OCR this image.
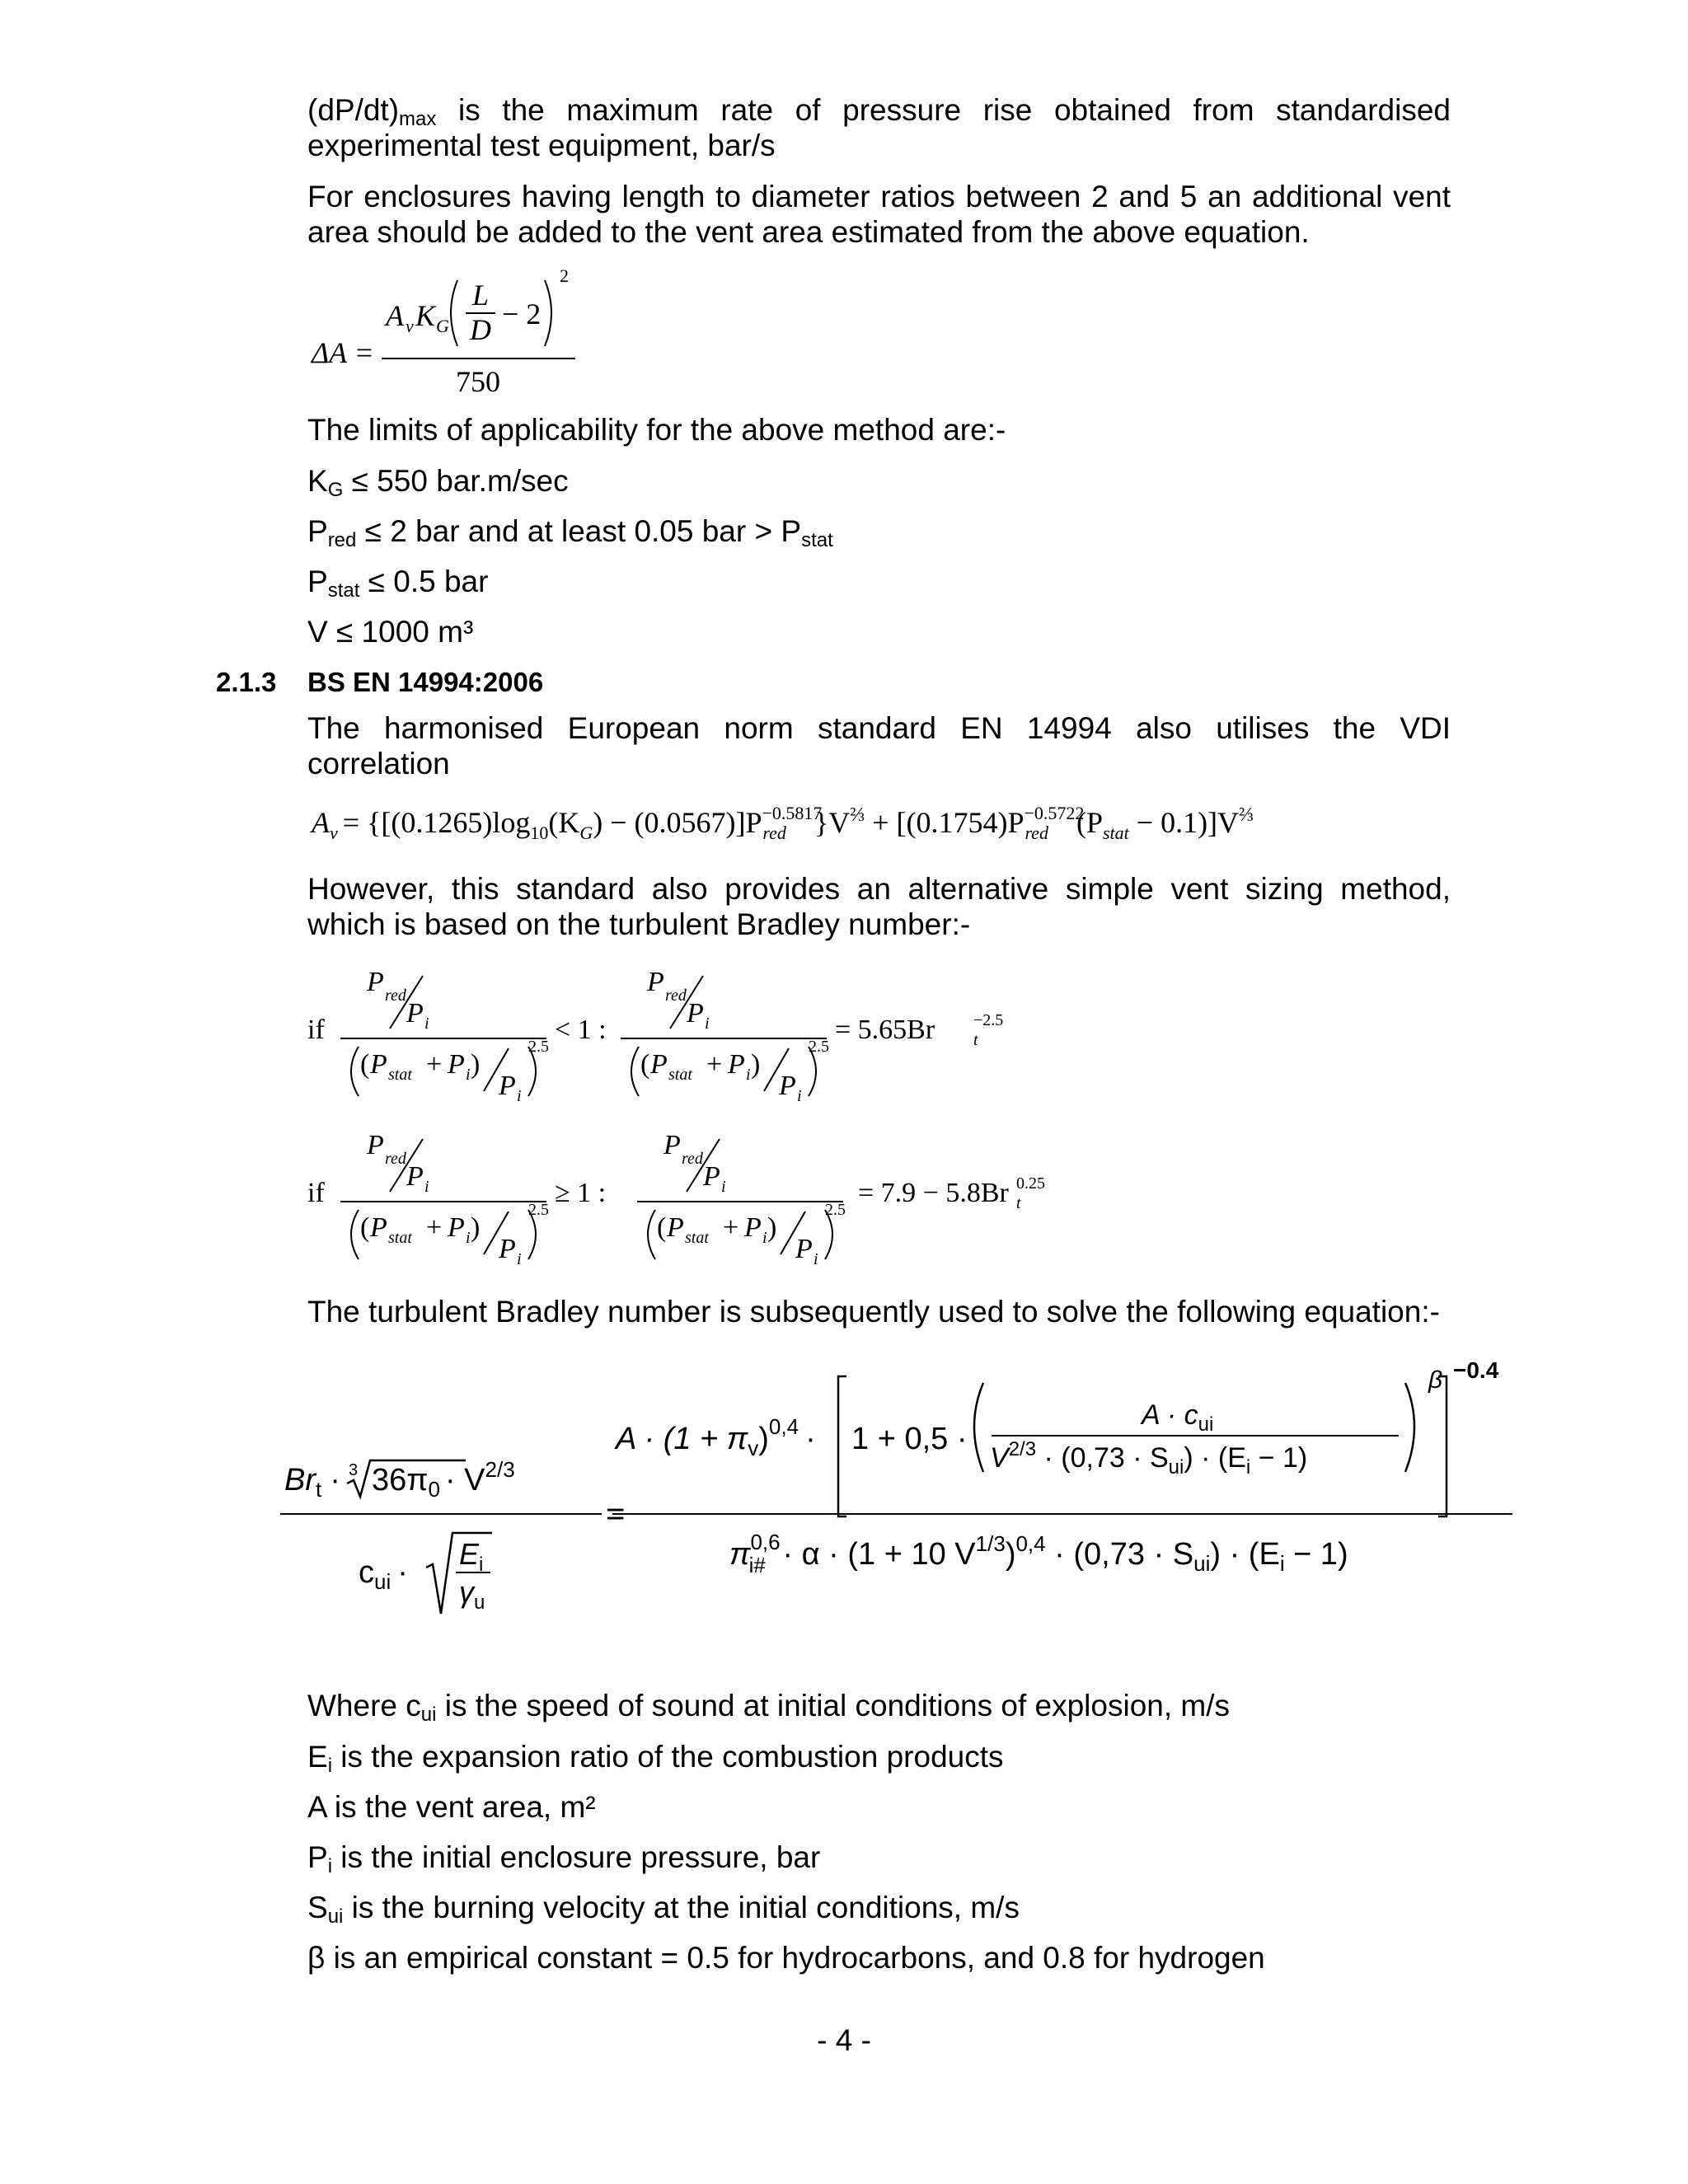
$(dP/dt)_{max}$ is the maximum rate of pressure rise obtained from standardised
experimental test equipment, bar/s
For enclosures having length to diameter ratios between 2 and 5 an additional vent
area should be added to the vent area estimated from the above equation.
ΔA =
A v K G
L
D − 2
2
750
The limits of applicability for the above method are:-
$K_G \le 550$ bar.m/sec
$P_{red} \le 2$ bar and at least 0.05 bar > $P_{stat}$
$P_{stat} \le 0.5$ bar
V ≤ 1000 m³
2.1.3 BS EN 14994:2006
The harmonised European norm standard EN 14994 also utilises the VDI
correlation
$A_v = \{[(0.1265)\log_{10}(K_G) - (0.0567)]P^{-0.5817}$ red }$V^{\frac{2}{3}} + [(0.1754)P^{-0.5722}$ red $(P_{stat} - 0.1)]V^{\frac{2}{3}}$
However, this standard also provides an alternative simple vent sizing method,
which is based on the turbulent Bradley number:-
if
P red
P i
( P stat + P i )
P i
2.5
< 1 :
P red
P i
( P stat + P i )
P i
2.5
= 5.65Br t
−2.5
if
P red
P i
( P stat + P i )
P i
2.5
≥ 1 :
P red
P i
( P stat + P i )
P i
2.5
= 7.9 − 5.8Br t
0.25
The turbulent Bradley number is subsequently used to solve the following equation:-
$Br_t \cdot 3$ $36\pi_0 \cdot V^{2/3}$
$c_{ui}$ ·
$E_i$
$\gamma_u$
=
$A \cdot (1 + \pi_v)^{0,4} \cdot 1 + 0,5$ ·
$A \cdot c_{ui}$
$V^{2/3} \cdot (0,73 \cdot S_{ui}) \cdot (E_i - 1)$
β −0.4
$\pi^{0,6}$ i# · α · (1 + 10 $V^{1/3})^{0,4} \cdot (0,73 \cdot S_{ui}) \cdot (E_i - 1)$
Where $c_{ui}$ is the speed of sound at initial conditions of explosion, m/s
$E_i$ is the expansion ratio of the combustion products
A is the vent area, m²
$P_i$ is the initial enclosure pressure, bar
$S_{ui}$ is the burning velocity at the initial conditions, m/s
β is an empirical constant = 0.5 for hydrocarbons, and 0.8 for hydrogen
- 4 -
